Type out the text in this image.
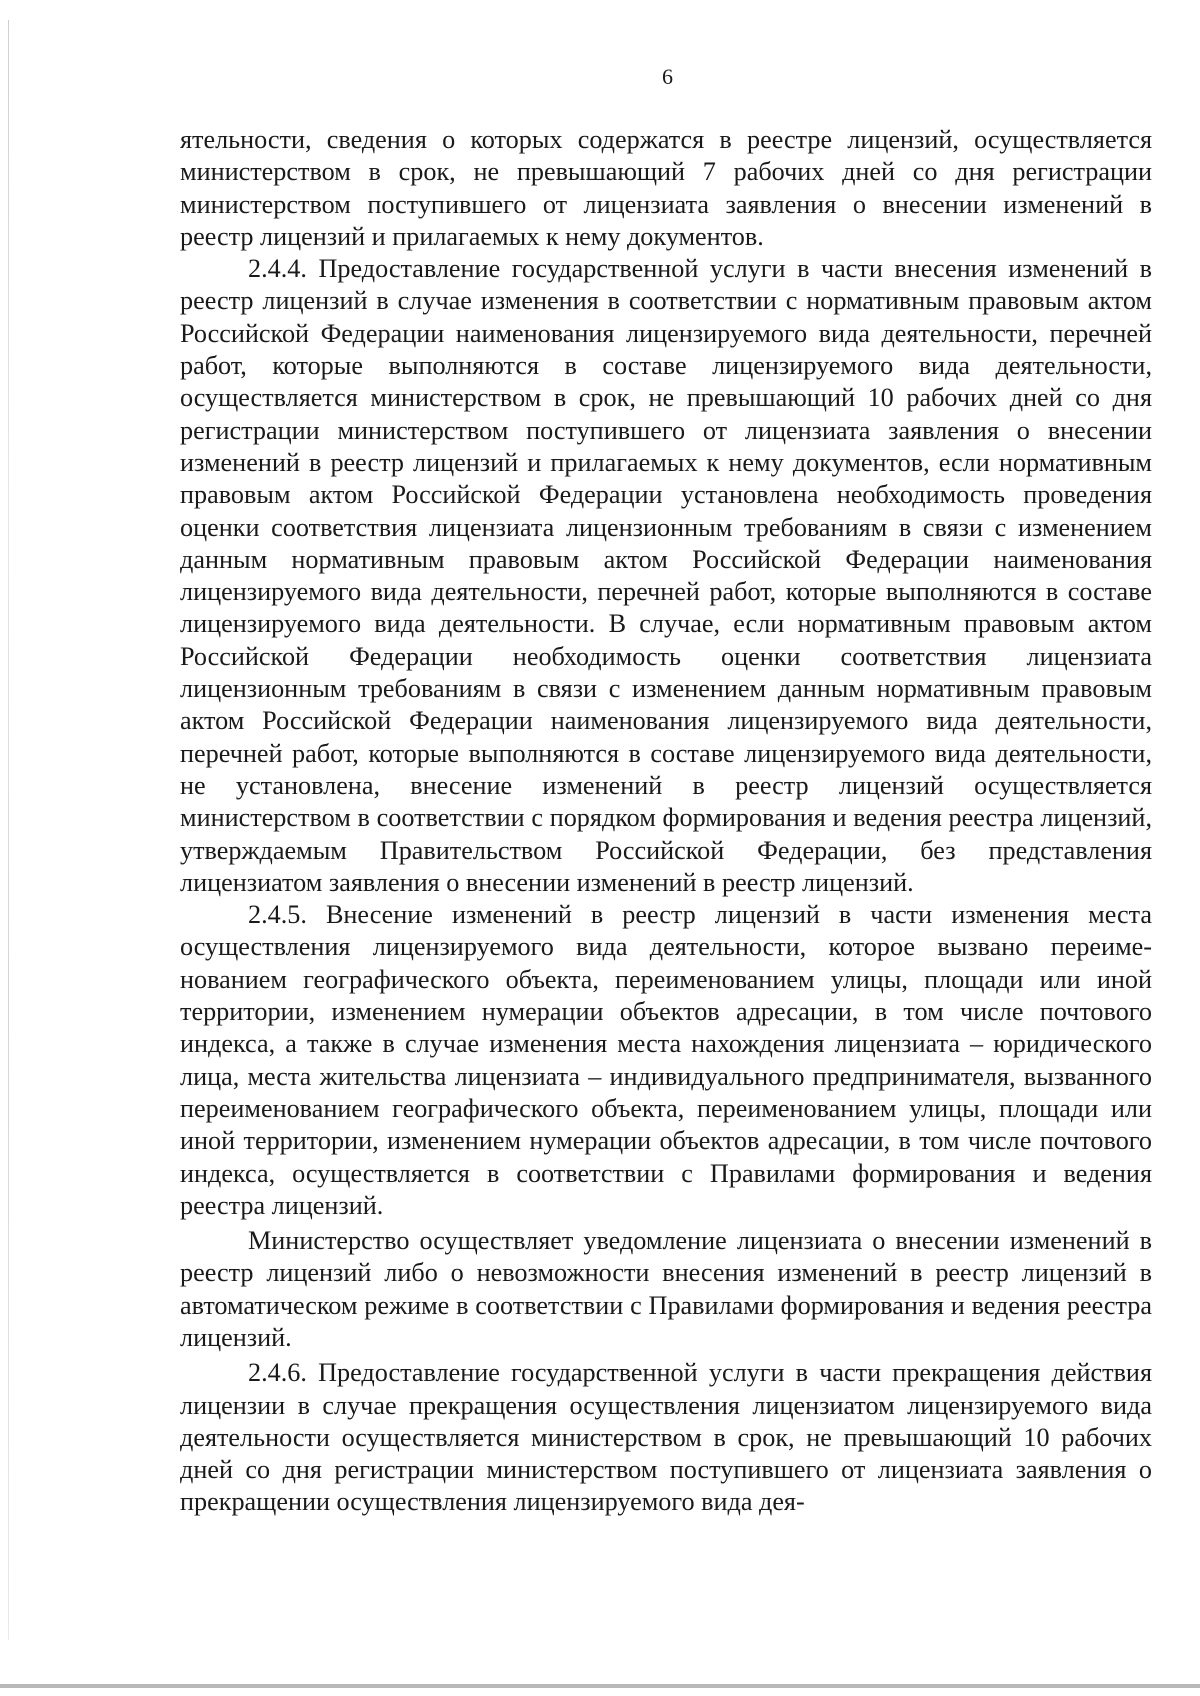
6

ятельности, сведения о которых содержатся в реестре лицензий, осуществляется министерством в срок, не превышающий 7 рабочих дней со дня регистрации министерством поступившего от лицензиата заявления о внесении изменений в реестр лицензий и прилагаемых к нему документов.

2.4.4. Предоставление государственной услуги в части внесения изменений в реестр лицензий в случае изменения в соответствии с нормативным правовым актом Российской Федерации наименования лицензируемого вида деятельности, перечней работ, которые выполняются в составе лицензируемого вида деятельности, осуществляется министерством в срок, не превышающий 10 рабочих дней со дня регистрации министерством поступившего от лицензиата заявления о внесении изменений в реестр лицензий и прилагаемых к нему документов, если нормативным правовым актом Российской Федерации установлена необходимость проведения оценки соответствия лицензиата лицензионным требованиям в связи с изменением данным нормативным правовым актом Российской Федерации наименования лицензируемого вида деятельности, перечней работ, которые выполняются в составе лицензируемого вида деятельности. В случае, если нормативным правовым актом Российской Федерации необходимость оценки соответствия лицензиата лицензионным требованиям в связи с изменением данным нормативным правовым актом Российской Федерации наименования лицензируемого вида деятельности, перечней работ, которые выполняются в составе лицензируемого вида деятельности, не установлена, внесение изменений в реестр лицензий осуществляется министерством в соответствии с порядком формирования и ведения реестра лицензий, утверждаемым Правительством Российской Федерации, без представления лицензиатом заявления о внесении изменений в реестр лицензий.

2.4.5. Внесение изменений в реестр лицензий в части изменения места осуществления лицензируемого вида деятельности, которое вызвано переименованием географического объекта, переименованием улицы, площади или иной территории, изменением нумерации объектов адресации, в том числе почтового индекса, а также в случае изменения места нахождения лицензиата – юридического лица, места жительства лицензиата – индивидуального предпринимателя, вызванного переименованием географического объекта, переименованием улицы, площади или иной территории, изменением нумерации объектов адресации, в том числе почтового индекса, осуществляется в соответствии с Правилами формирования и ведения реестра лицензий.

Министерство осуществляет уведомление лицензиата о внесении изменений в реестр лицензий либо о невозможности внесения изменений в реестр лицензий в автоматическом режиме в соответствии с Правилами формирования и ведения реестра лицензий.

2.4.6. Предоставление государственной услуги в части прекращения действия лицензии в случае прекращения осуществления лицензиатом лицензируемого вида деятельности осуществляется министерством в срок, не превышающий 10 рабочих дней со дня регистрации министерством поступившего от лицензиата заявления о прекращении осуществления лицензируемого вида дея-
